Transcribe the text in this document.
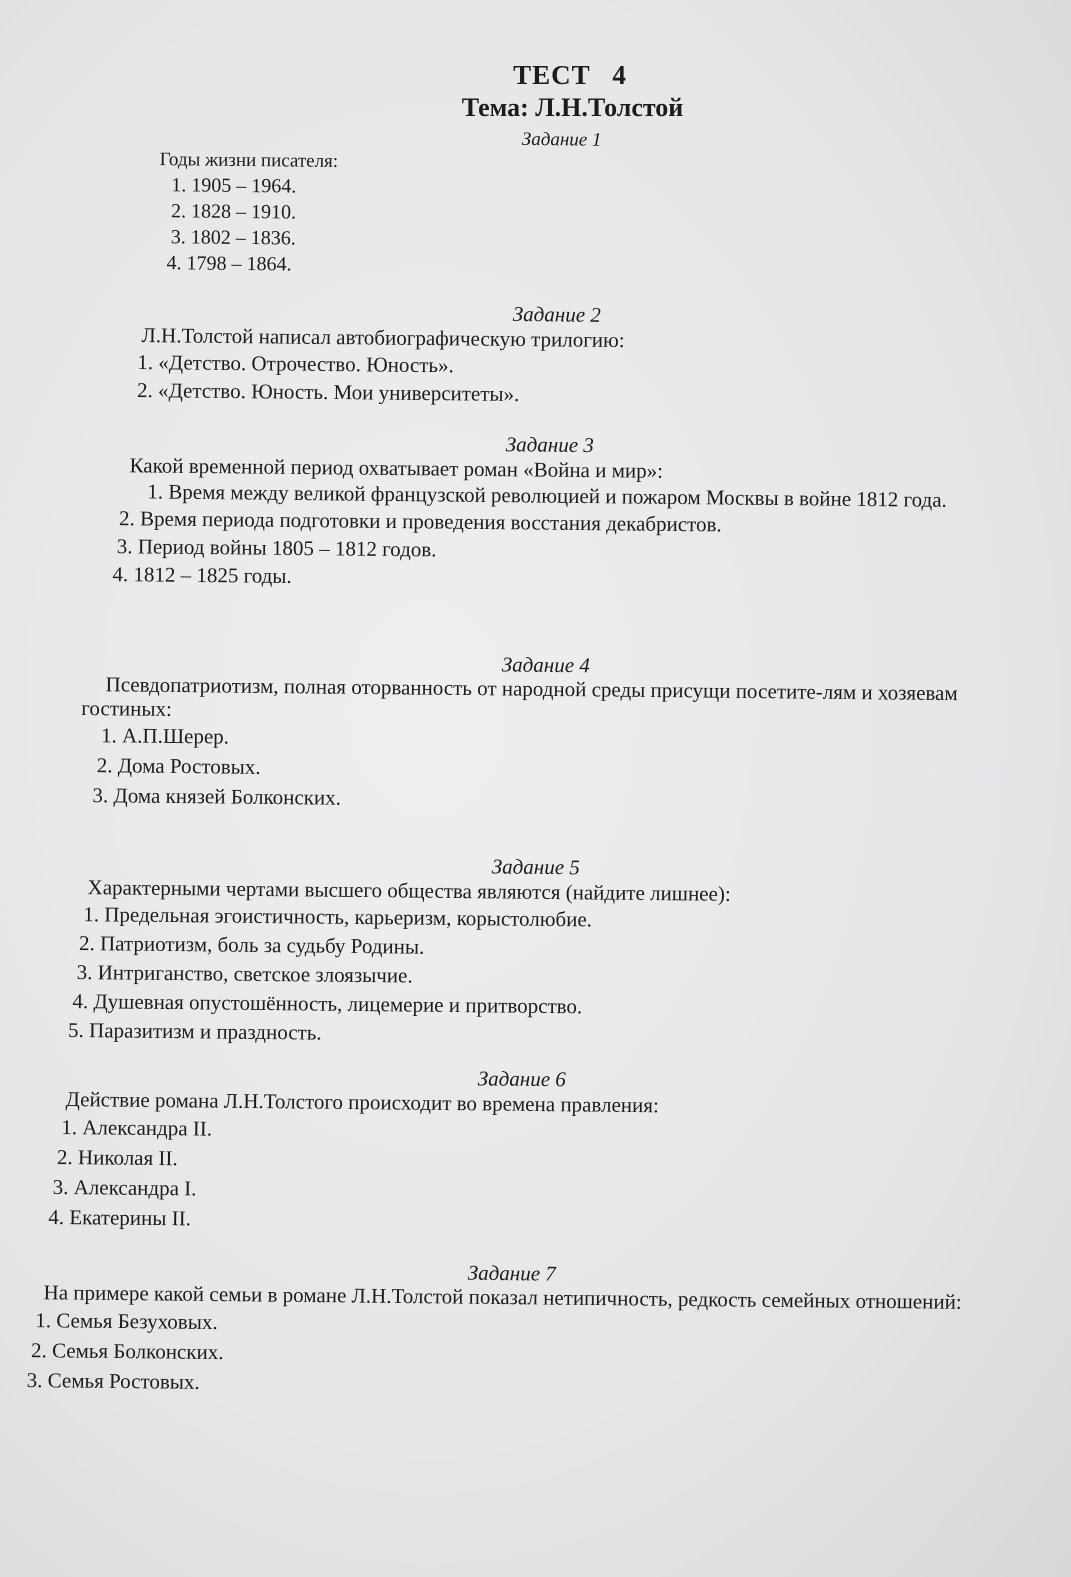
ТЕСТ 4
Тема: Л.Н.Толстой
Задание 1
Годы жизни писателя:
1. 1905 – 1964.
2. 1828 – 1910.
3. 1802 – 1836.
4. 1798 – 1864.
Задание 2
Л.Н.Толстой написал автобиографическую трилогию:
1. «Детство. Отрочество. Юность».
2. «Детство. Юность. Мои университеты».
Задание 3
Какой временной период охватывает роман «Война и мир»:
1. Время между великой французской революцией и пожаром Москвы в войне 1812 года.
2. Время периода подготовки и проведения восстания декабристов.
3. Период войны 1805 – 1812 годов.
4. 1812 – 1825 годы.
Задание 4
Псевдопатриотизм, полная оторванность от народной среды присущи посетите-лям и хозяевам гостиных:
1. А.П.Шерер.
2. Дома Ростовых.
3. Дома князей Болконских.
Задание 5
Характерными чертами высшего общества являются (найдите лишнее):
1. Предельная эгоистичность, карьеризм, корыстолюбие.
2. Патриотизм, боль за судьбу Родины.
3. Интриганство, светское злоязычие.
4. Душевная опустошённость, лицемерие и притворство.
5. Паразитизм и праздность.
Задание 6
Действие романа Л.Н.Толстого происходит во времена правления:
1. Александра II.
2. Николая II.
3. Александра I.
4. Екатерины II.
Задание 7
На примере какой семьи в романе Л.Н.Толстой показал нетипичность, редкость семейных отношений:
1. Семья Безуховых.
2. Семья Болконских.
3. Семья Ростовых.
